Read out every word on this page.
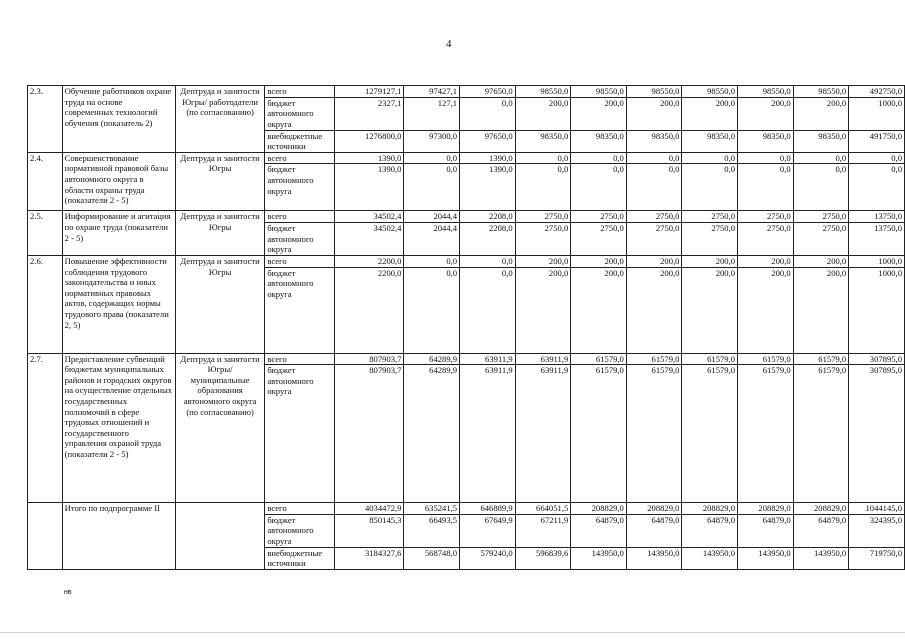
4
2.3.	Обучение работников охране труда на основе современных технологий обучения (показатель 2)	Дептруда и занятости Югры/ работодатели (по согласованию)	всего	1279127,1	97427,1	97650,0	98550,0	98550,0	98550,0	98550,0	98550,0	98550,0	492750,0
			бюджет автономного округа	2327,1	127,1	0,0	200,0	200,0	200,0	200,0	200,0	200,0	1000,0
			внебюджетные источники	1276800,0	97300,0	97650,0	98350,0	98350,0	98350,0	98350,0	98350,0	98350,0	491750,0
2.4.	Совершенствование нормативной правовой базы автономного округа в области охраны труда (показатели 2 - 5)	Дептруда и занятости Югры	всего	1390,0	0,0	1390,0	0,0	0,0	0,0	0,0	0,0	0,0	0,0
			бюджет автономного округа	1390,0	0,0	1390,0	0,0	0,0	0,0	0,0	0,0	0,0	0,0
2.5.	Информирование и агитация по охране труда (показатели 2 - 5)	Дептруда и занятости Югры	всего	34502,4	2044,4	2208,0	2750,0	2750,0	2750,0	2750,0	2750,0	2750,0	13750,0
			бюджет автономного округа	34502,4	2044,4	2208,0	2750,0	2750,0	2750,0	2750,0	2750,0	2750,0	13750,0
2.6.	Повышение эффективности соблюдения трудового законодательства и иных нормативных правовых актов, содержащих нормы трудового права (показатели 2, 5)	Дептруда и занятости Югры	всего	2200,0	0,0	0,0	200,0	200,0	200,0	200,0	200,0	200,0	1000,0
			бюджет автономного округа	2200,0	0,0	0,0	200,0	200,0	200,0	200,0	200,0	200,0	1000,0
2.7.	Предоставление субвенций бюджетам муниципальных районов и городских округов на осуществление отдельных государственных полномочий в сфере трудовых отношений и государственного управления охраной труда (показатели 2 - 5)	Дептруда и занятости Югры/ муниципальные образования автономного округа (по согласованию)	всего	807903,7	64289,9	63911,9	63911,9	61579,0	61579,0	61579,0	61579,0	61579,0	307895,0
			бюджет автономного округа	807903,7	64289,9	63911,9	63911,9	61579,0	61579,0	61579,0	61579,0	61579,0	307895,0
	Итого по подпрограмме II		всего	4034472,9	635241,5	646889,9	664051,5	208829,0	208829,0	208829,0	208829,0	208829,0	1044145,0
			бюджет автономного округа	850145,3	66493,5	67649,9	67211,9	64879,0	64879,0	64879,0	64879,0	64879,0	324395,0
			внебюджетные источники	3184327,6	568748,0	579240,0	596839,6	143950,0	143950,0	143950,0	143950,0	143950,0	719750,0
нв
